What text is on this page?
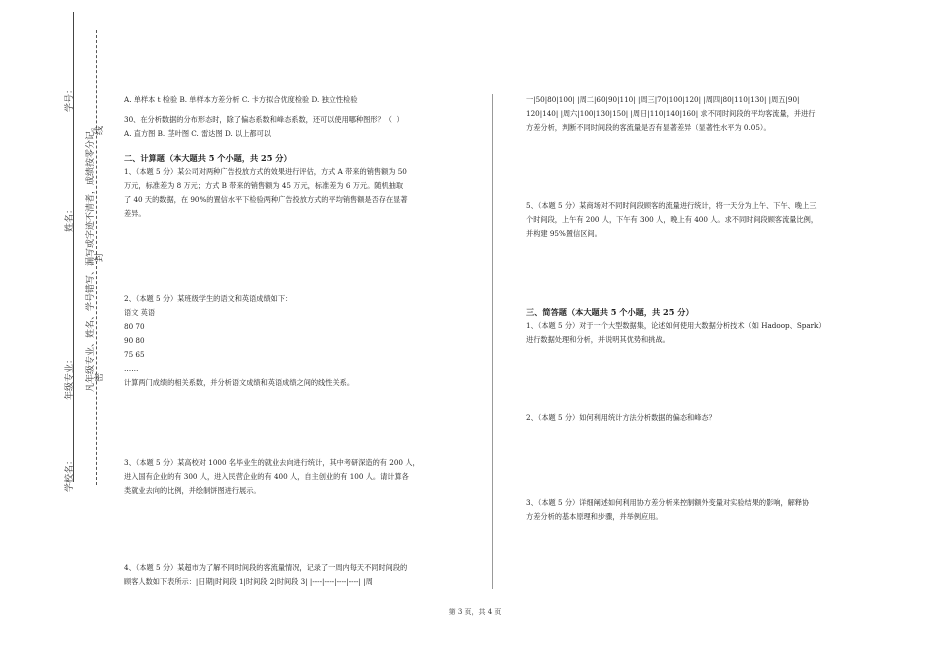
学号：
姓名：
年级专业：
学校名：
凡年级专业、姓名、学号错写、漏写或字迹不清者，成绩按零分记。 密
封
线
A. 单样本 t 检验 B. 单样本方差分析 C. 卡方拟合优度检验 D. 独立性检验
30、在分析数据的分布形态时，除了偏态系数和峰态系数，还可以使用哪种图形？（  ）
A. 直方图 B. 茎叶图 C. 雷达图 D. 以上都可以
二、计算题（本大题共 5 个小题，共 25 分）
1、（本题 5 分）某公司对两种广告投放方式的效果进行评估，方式 A 带来的销售额为 50
万元，标准差为 8 万元；方式 B 带来的销售额为 45 万元，标准差为 6 万元。随机抽取
了 40 天的数据，在 90%的置信水平下检验两种广告投放方式的平均销售额是否存在显著
差异。
2、（本题 5 分）某班级学生的语文和英语成绩如下：
语文 英语
80 70
90 80
75 65
……
计算两门成绩的相关系数，并分析语文成绩和英语成绩之间的线性关系。
3、（本题 5 分）某高校对 1000 名毕业生的就业去向进行统计，其中考研深造的有 200 人，
进入国有企业的有 300 人，进入民营企业的有 400 人，自主创业的有 100 人。请计算各
类就业去向的比例，并绘制饼图进行展示。
4、（本题 5 分）某超市为了解不同时间段的客流量情况，记录了一周内每天不同时间段的
顾客人数如下表所示：|日期|时间段 1|时间段 2|时间段 3| |----|----|----|----| |周
一|50|80|100| |周二|60|90|110| |周三|70|100|120| |周四|80|110|130| |周五|90|
120|140| |周六|100|130|150| |周日|110|140|160| 求不同时间段的平均客流量，并进行
方差分析，判断不同时间段的客流量是否有显著差异（显著性水平为 0.05）。
5、（本题 5 分）某商场对不同时间段顾客的流量进行统计，将一天分为上午、下午、晚上三
个时间段，上午有 200 人，下午有 300 人，晚上有 400 人。求不同时间段顾客流量比例，
并构建 95%置信区间。
三、简答题（本大题共 5 个小题，共 25 分）
1、（本题 5 分）对于一个大型数据集，论述如何使用大数据分析技术（如 Hadoop、Spark）
进行数据处理和分析，并说明其优势和挑战。
2、（本题 5 分）如何利用统计方法分析数据的偏态和峰态？
3、（本题 5 分）详细阐述如何利用协方差分析来控制额外变量对实验结果的影响，解释协
方差分析的基本原理和步骤，并举例应用。
第 3 页，共 4 页
